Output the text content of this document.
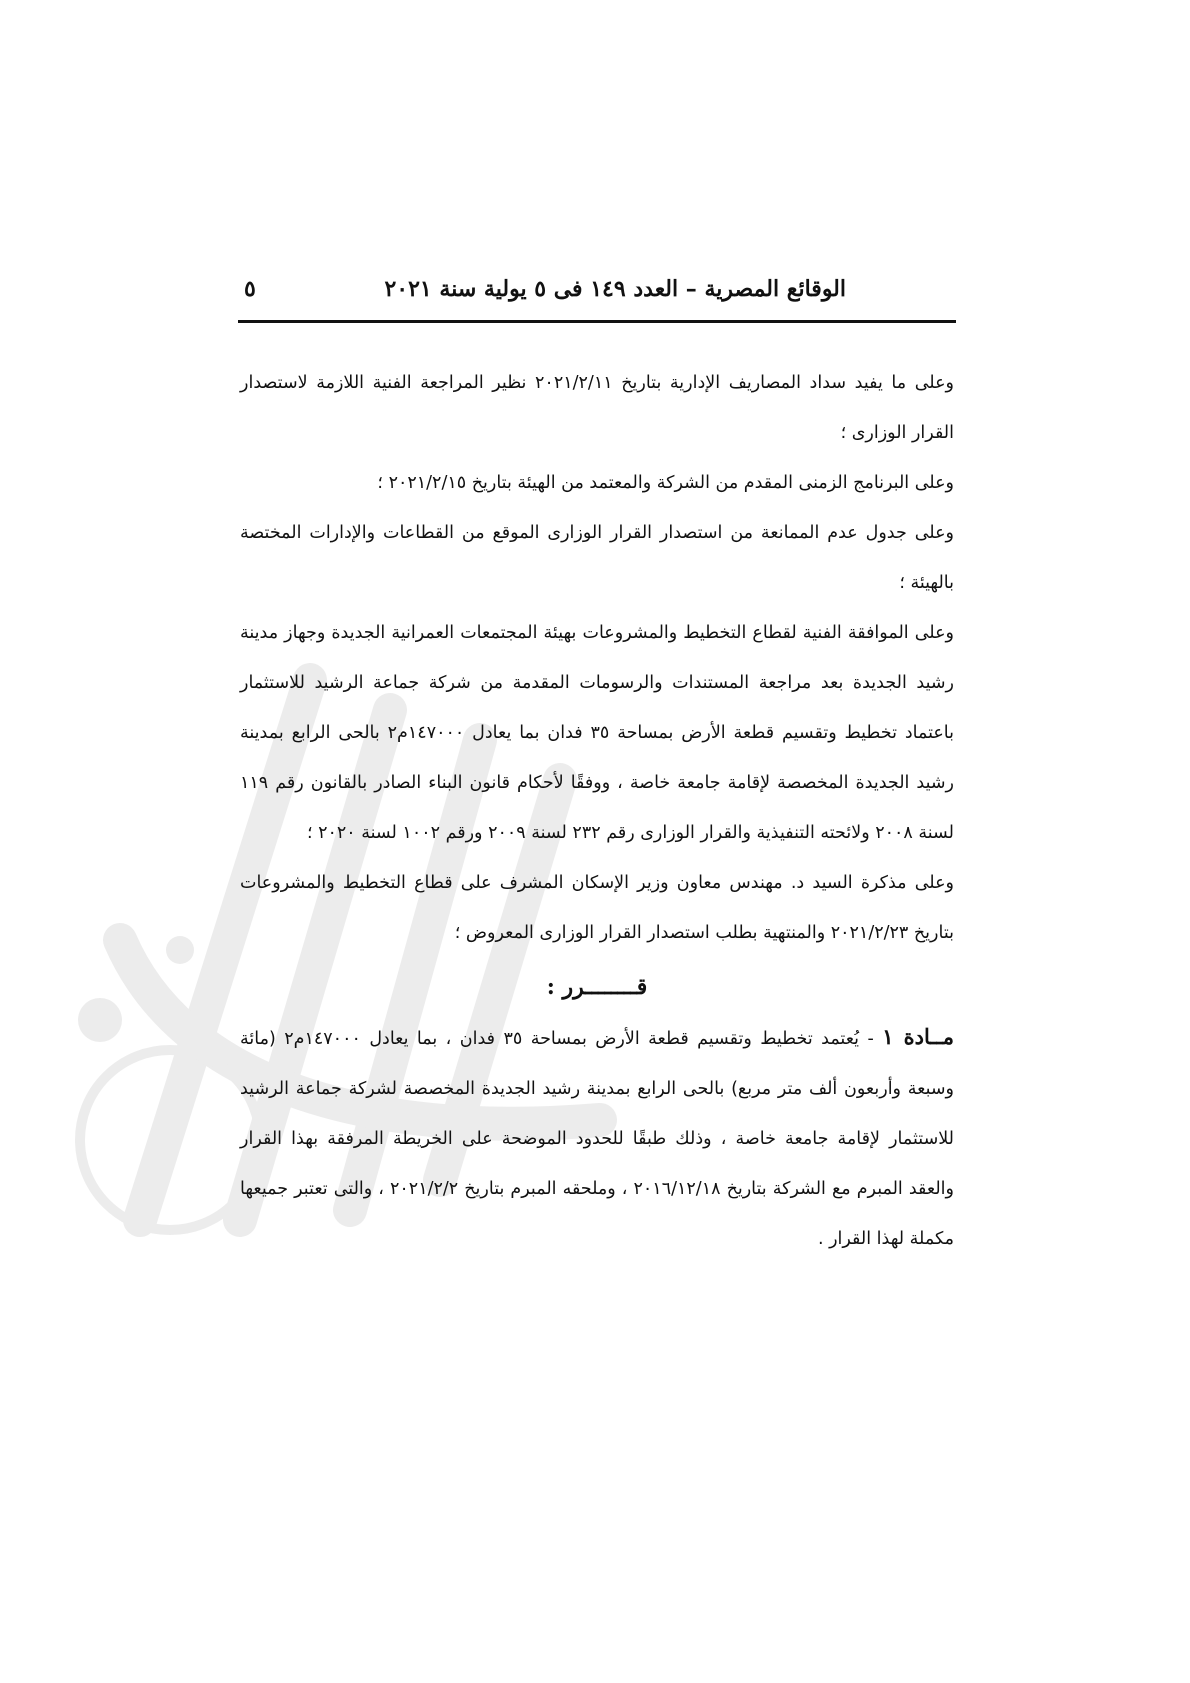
الوقائع المصرية – العدد ١٤٩ فى ٥ يولية سنة ٢٠٢١
٥

وعلى ما يفيد سداد المصاريف الإدارية بتاريخ ٢٠٢١/٢/١١ نظير المراجعة الفنية اللازمة لاستصدار القرار الوزارى ؛

وعلى البرنامج الزمنى المقدم من الشركة والمعتمد من الهيئة بتاريخ ٢٠٢١/٢/١٥ ؛

وعلى جدول عدم الممانعة من استصدار القرار الوزارى الموقع من القطاعات والإدارات المختصة بالهيئة ؛

وعلى الموافقة الفنية لقطاع التخطيط والمشروعات بهيئة المجتمعات العمرانية الجديدة وجهاز مدينة رشيد الجديدة بعد مراجعة المستندات والرسومات المقدمة من شركة جماعة الرشيد للاستثمار باعتماد تخطيط وتقسيم قطعة الأرض بمساحة ٣٥ فدان بما يعادل ١٤٧٠٠٠م٢ بالحى الرابع بمدينة رشيد الجديدة المخصصة لإقامة جامعة خاصة ، ووفقًا لأحكام قانون البناء الصادر بالقانون رقم ١١٩ لسنة ٢٠٠٨ ولائحته التنفيذية والقرار الوزارى رقم ٢٣٢ لسنة ٢٠٠٩ ورقم ١٠٠٢ لسنة ٢٠٢٠ ؛

وعلى مذكرة السيد د. مهندس معاون وزير الإسكان المشرف على قطاع التخطيط والمشروعات بتاريخ ٢٠٢١/٢/٢٣ والمنتهية بطلب استصدار القرار الوزارى المعروض ؛

قــــــــرر :

مــادة ١ - يُعتمد تخطيط وتقسيم قطعة الأرض بمساحة ٣٥ فدان ، بما يعادل ١٤٧٠٠٠م٢ (مائة وسبعة وأربعون ألف متر مربع) بالحى الرابع بمدينة رشيد الجديدة المخصصة لشركة جماعة الرشيد للاستثمار لإقامة جامعة خاصة ، وذلك طبقًا للحدود الموضحة على الخريطة المرفقة بهذا القرار والعقد المبرم مع الشركة بتاريخ ٢٠١٦/١٢/١٨ ، وملحقه المبرم بتاريخ ٢٠٢١/٢/٢ ، والتى تعتبر جميعها مكملة لهذا القرار .
